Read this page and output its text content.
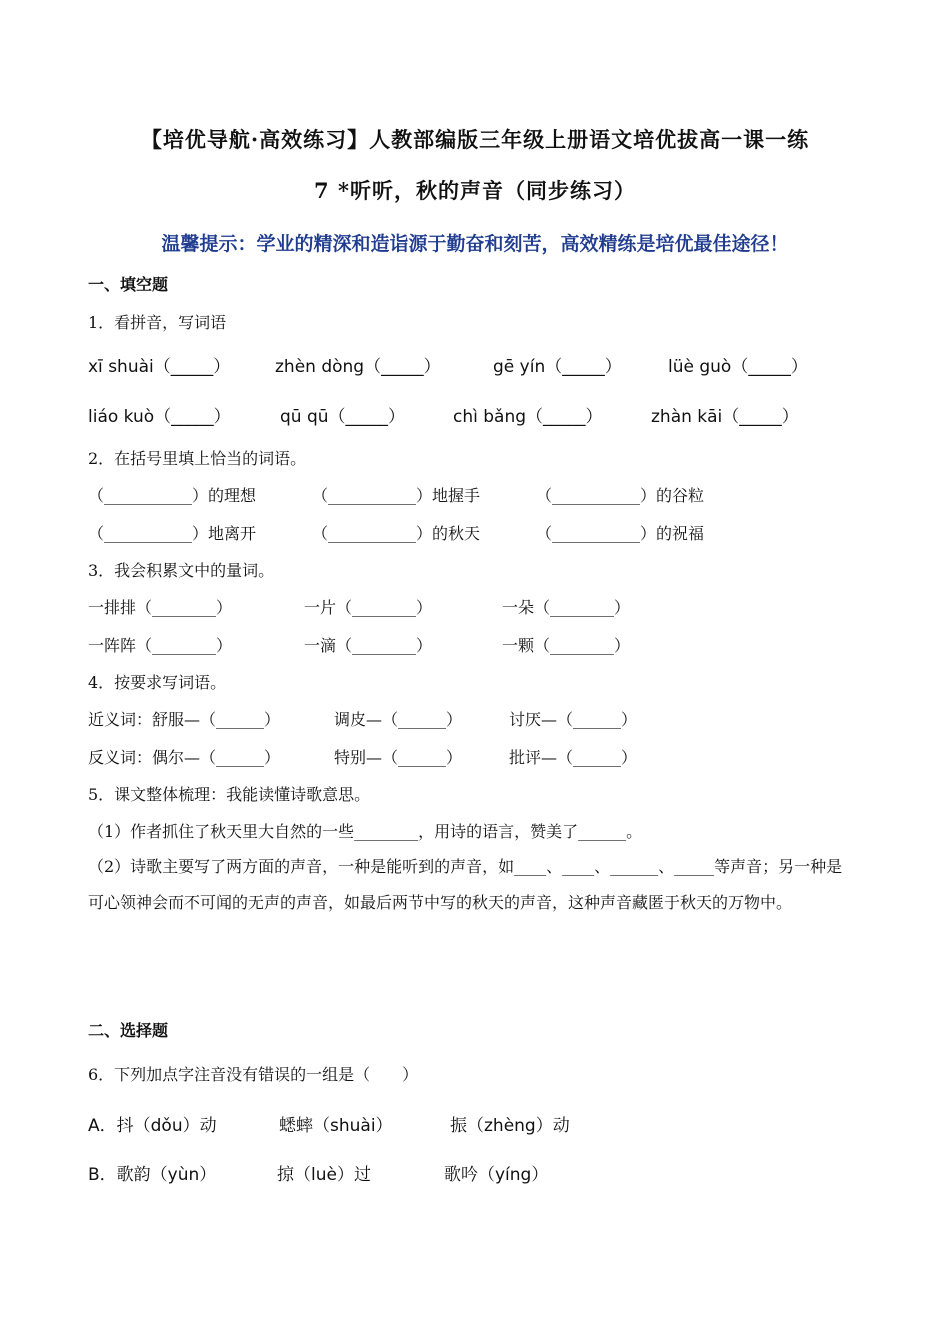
【培优导航·高效练习】人教部编版三年级上册语文培优拔高一课一练
7 *听听，秋的声音（同步练习）
温馨提示：学业的精深和造诣源于勤奋和刻苦，高效精练是培优最佳途径！
一、填空题
1．看拼音，写词语
xī shuài（_____）	zhèn dòng（_____）	gē yín（_____）	lüè guò（_____）
liáo kuò（_____）	qū qū（_____）	chì bǎng（_____）	zhàn kāi（_____）
2．在括号里填上恰当的词语。
（___________）的理想	（___________）地握手	（___________）的谷粒
（___________）地离开	（___________）的秋天	（___________）的祝福
3．我会积累文中的量词。
一排排（________）	一片（________）	一朵（________）
一阵阵（________）	一滴（________）	一颗（________）
4．按要求写词语。
近义词：舒服—（______）	调皮—（______）	讨厌—（______）
反义词：偶尔—（______）	特别—（______）	批评—（______）
5．课文整体梳理：我能读懂诗歌意思。
（1）作者抓住了秋天里大自然的一些________，用诗的语言，赞美了______。
（2）诗歌主要写了两方面的声音，一种是能听到的声音，如____、____、______、_____等声音；另一种是可心领神会而不可闻的无声的声音，如最后两节中写的秋天的声音，这种声音藏匿于秋天的万物中。
二、选择题
6．下列加点字注音没有错误的一组是（　　）
A．抖（dǒu）动	蟋蟀（shuài）	振（zhèng）动
B．歌韵（yùn）	掠（luè）过	歌吟（yíng）
